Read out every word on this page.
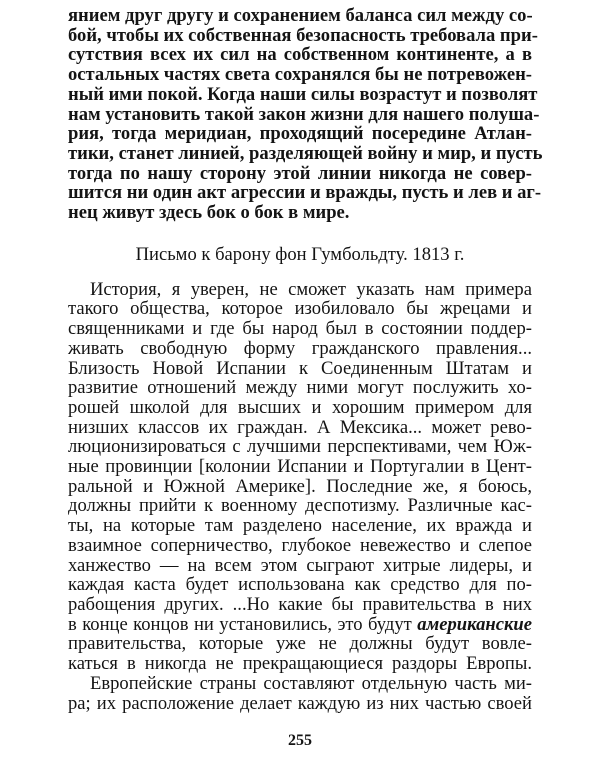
янием друг другу и сохранением баланса сил между со-
бой, чтобы их собственная безопасность требовала при-
сутствия всех их сил на собственном континенте, а в
остальных частях света сохранялся бы не потревожен-
ный ими покой. Когда наши силы возрастут и позволят
нам установить такой закон жизни для нашего полуша-
рия, тогда меридиан, проходящий посередине Атлан-
тики, станет линией, разделяющей войну и мир, и пусть
тогда по нашу сторону этой линии никогда не совер-
шится ни один акт агрессии и вражды, пусть и лев и аг-
нец живут здесь бок о бок в мире.
Письмо к барону фон Гумбольдту. 1813 г.
История, я уверен, не сможет указать нам примера
такого общества, которое изобиловало бы жрецами и
священниками и где бы народ был в состоянии поддер-
живать свободную форму гражданского правления...
Близость Новой Испании к Соединенным Штатам и
развитие отношений между ними могут послужить хо-
рошей школой для высших и хорошим примером для
низших классов их граждан. А Мексика... может рево-
люционизироваться с лучшими перспективами, чем Юж-
ные провинции [колонии Испании и Португалии в Цент-
ральной и Южной Америке]. Последние же, я боюсь,
должны прийти к военному деспотизму. Различные кас-
ты, на которые там разделено население, их вражда и
взаимное соперничество, глубокое невежество и слепое
ханжество — на всем этом сыграют хитрые лидеры, и
каждая каста будет использована как средство для по-
рабощения других. ...Но какие бы правительства в них
в конце концов ни установились, это будут американские
правительства, которые уже не должны будут вовле-
каться в никогда не прекращающиеся раздоры Европы.
Европейские страны составляют отдельную часть ми-
ра; их расположение делает каждую из них частью своей
255
